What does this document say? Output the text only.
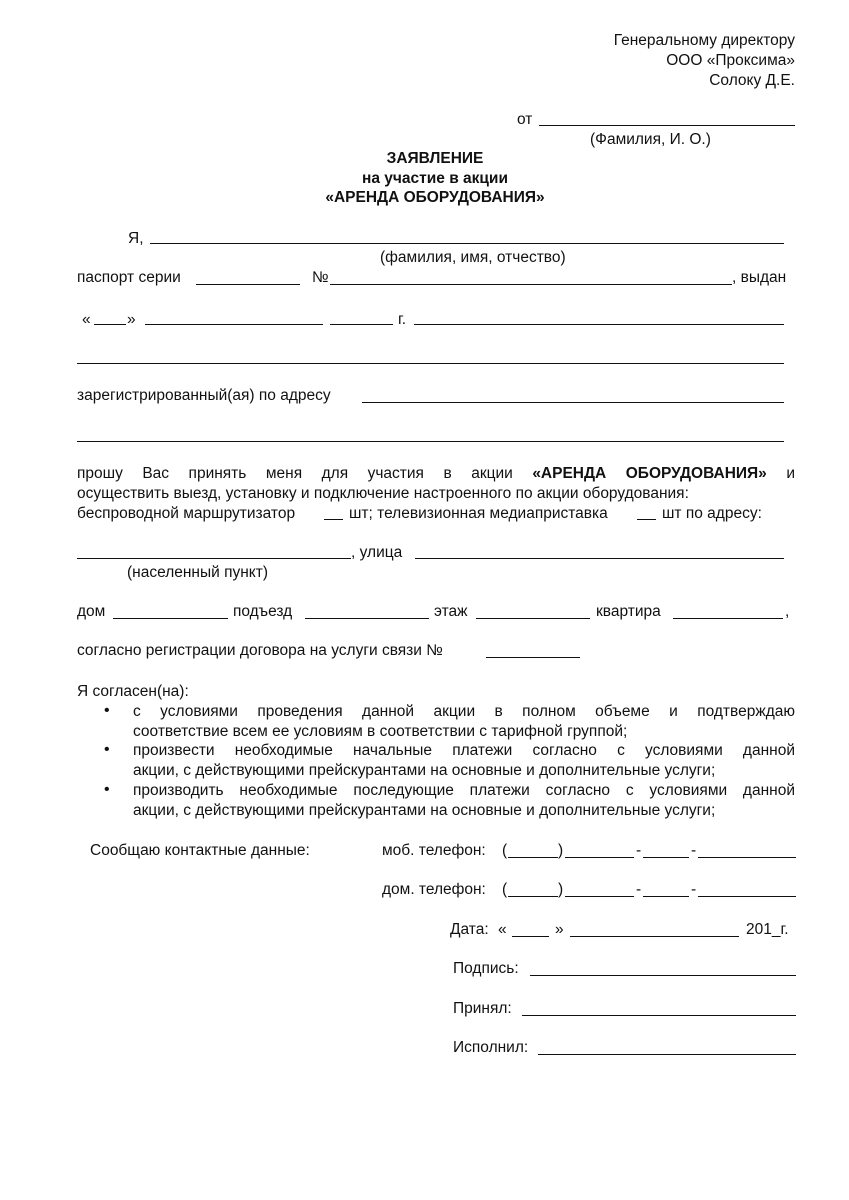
Генеральному директору
ООО «Проксима»
Солоку Д.Е.
от
(Фамилия, И. О.)
ЗАЯВЛЕНИЕ
на участие в акции
«АРЕНДА ОБОРУДОВАНИЯ»
Я,
(фамилия, имя, отчество)
паспорт серии	№	, выдан
« »	г.
зарегистрированный(ая) по адресу
прошу Вас принять меня для участия в акции «АРЕНДА ОБОРУДОВАНИЯ» и
осуществить выезд, установку и подключение настроенного по акции оборудования:
беспроводной маршрутизатор	шт; телевизионная медиаприставка	шт по адресу:
, улица
(населенный пункт)
дом	подъезд	этаж	квартира	,
согласно регистрации договора на услуги связи №
Я согласен(на):
• с условиями проведения данной акции в полном объеме и подтверждаю
соответствие всем ее условиям в соответствии с тарифной группой;
• произвести необходимые начальные платежи согласно с условиями данной
акции, с действующими прейскурантами на основные и дополнительные услуги;
• производить необходимые последующие платежи согласно с условиями данной
акции, с действующими прейскурантами на основные и дополнительные услуги;
Сообщаю контактные данные:	моб. телефон: (	)	-	-
дом. телефон: (	)	-	-
Дата: «	»	201_г.
Подпись:
Принял:
Исполнил:
